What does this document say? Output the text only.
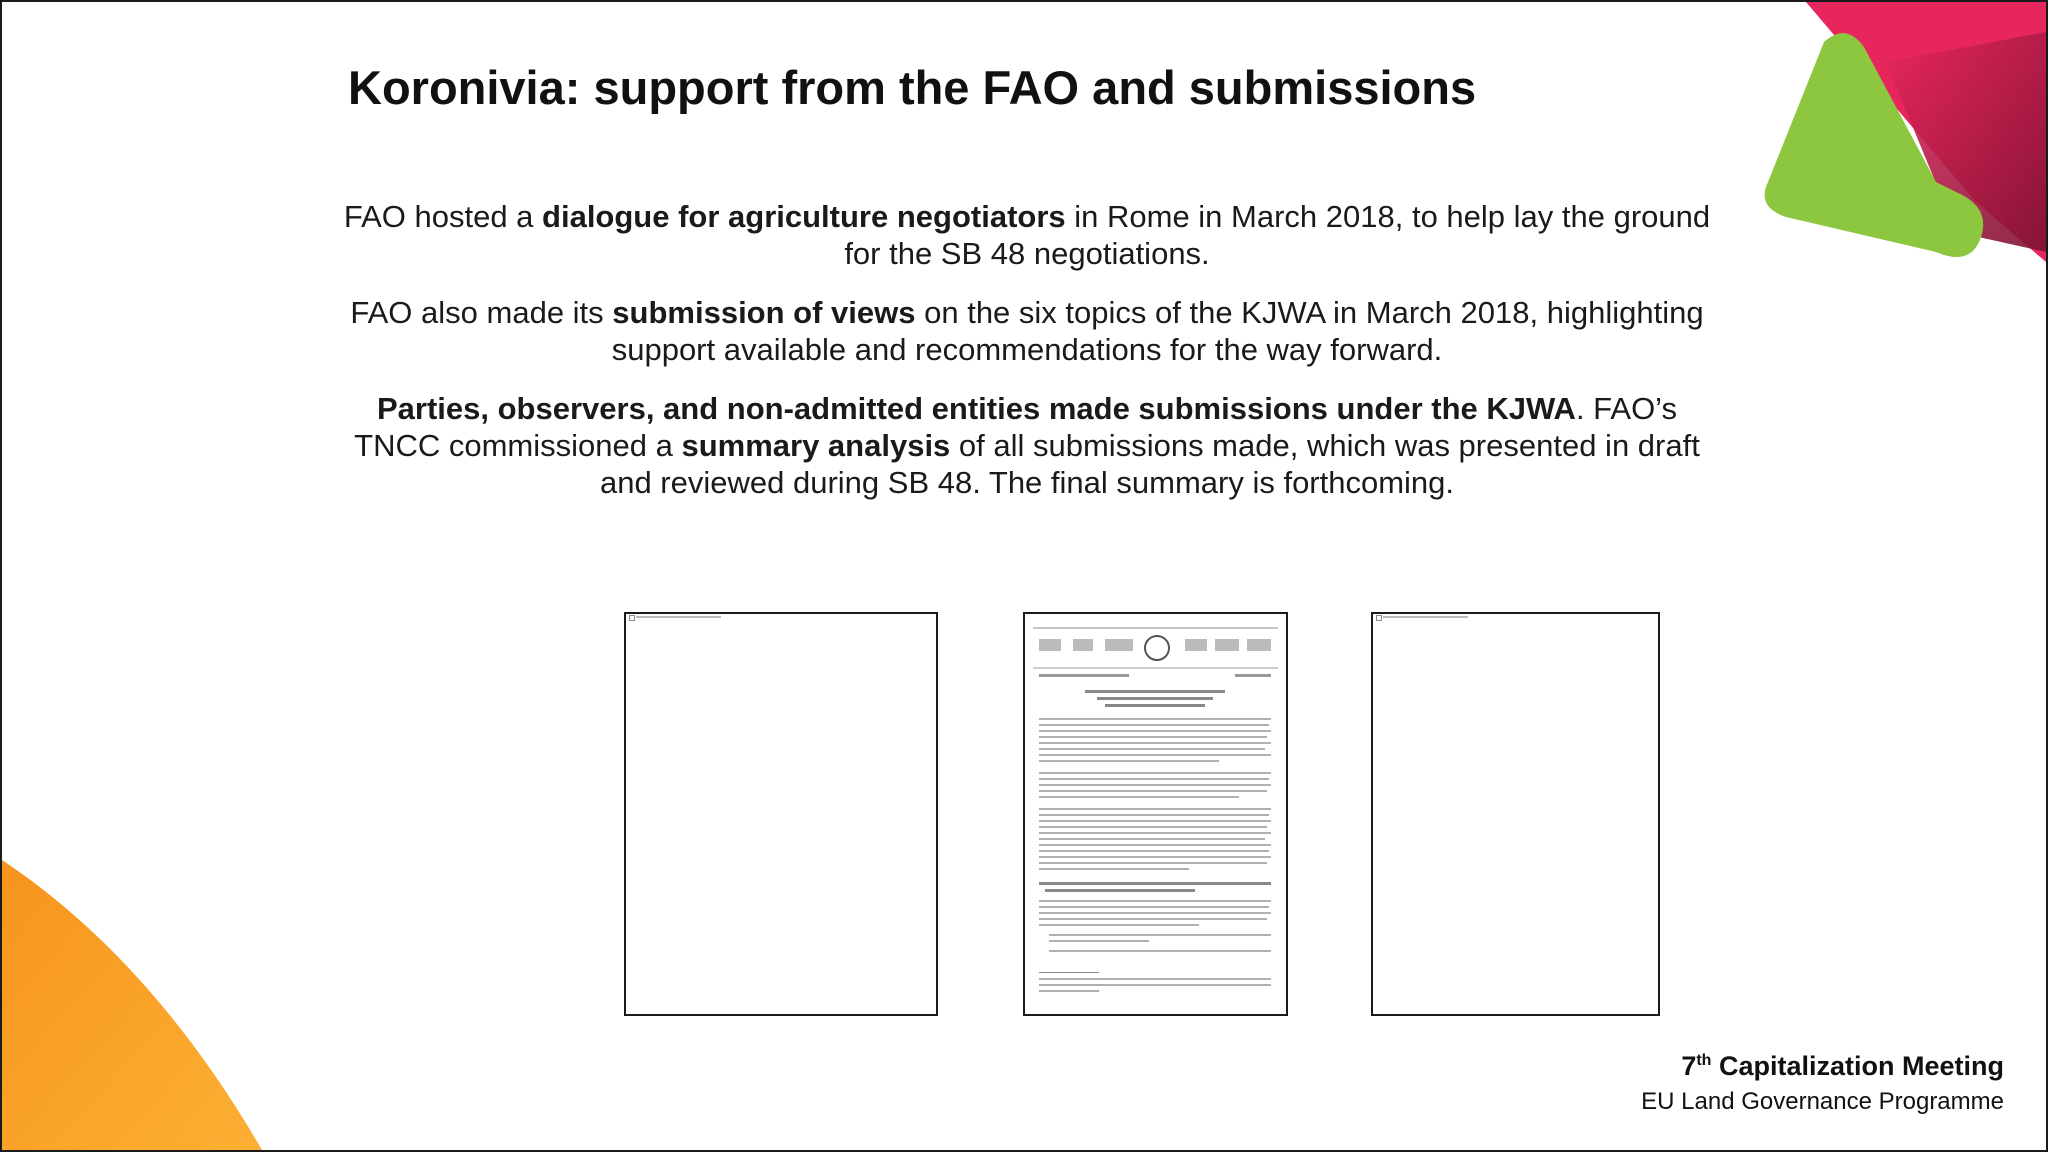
Koronivia: support from the FAO and submissions

FAO hosted a dialogue for agriculture negotiators in Rome in March 2018, to help lay the ground for the SB 48 negotiations.

FAO also made its submission of views on the six topics of the KJWA in March 2018, highlighting support available and recommendations for the way forward.

Parties, observers, and non-admitted entities made submissions under the KJWA. FAO’s TNCC commissioned a summary analysis of all submissions made, which was presented in draft and reviewed during SB 48. The final summary is forthcoming.

7th Capitalization Meeting
EU Land Governance Programme
